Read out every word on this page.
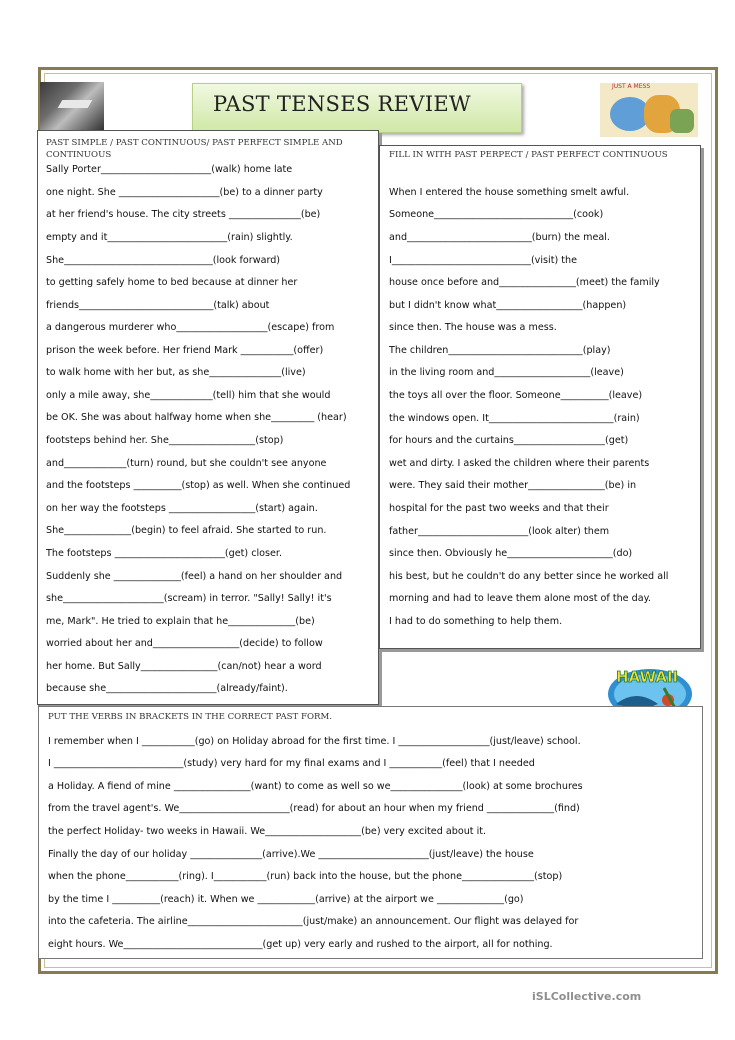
PAST TENSES REVIEW
JUST A MESS
PAST SIMPLE / PAST CONTINUOUS/ PAST PERFECT SIMPLE AND CONTINUOUS
Sally Porter_______________________(walk) home late
one night. She _____________________(be) to a dinner party
at her friend's house. The city streets _______________(be)
empty and it_________________________(rain) slightly.
She_______________________________(look forward)
to getting safely home to bed because at dinner her
friends____________________________(talk) about
a dangerous murderer who___________________(escape) from
prison the week before. Her friend Mark ___________(offer)
to walk home with her but, as she_______________(live)
only a mile away, she_____________(tell) him that she would
be OK. She was about halfway home when she_________ (hear)
footsteps behind her. She__________________(stop)
and_____________(turn) round, but she couldn't see anyone
and the footsteps __________(stop) as well. When she continued
on her way the footsteps __________________(start) again.
She______________(begin) to feel afraid. She started to run.
The footsteps _______________________(get) closer.
Suddenly she ______________(feel) a hand on her shoulder and
she_____________________(scream) in terror. "Sally! Sally! it's
me, Mark". He tried to explain that he______________(be)
worried about her and__________________(decide) to follow
her home. But Sally________________(can/not) hear a word
because she_______________________(already/faint).
FILL IN WITH PAST PERPECT / PAST PERFECT CONTINUOUS
When I entered the house something smelt awful.
Someone_____________________________(cook)
and__________________________(burn) the meal.
I_____________________________(visit) the
house once before and________________(meet) the family
but I didn't know what__________________(happen)
since then. The house was a mess.
The children____________________________(play)
in the living room and____________________(leave)
the toys all over the floor. Someone__________(leave)
the windows open. It__________________________(rain)
for hours and the curtains___________________(get)
wet and dirty. I asked the children where their parents
were. They said their mother________________(be) in
hospital for the past two weeks and that their
father_______________________(look alter) them
since then. Obviously he______________________(do)
his best, but he couldn't do any better since he worked all
morning and had to leave them alone most of the day.
I had to do something to help them.
HAWAII
PUT THE VERBS IN BRACKETS IN THE CORRECT PAST FORM.
I remember when I ___________(go) on Holiday abroad for the first time. I ___________________(just/leave) school.
I ___________________________(study) very hard for my final exams and I ___________(feel) that I needed
a Holiday. A fiend of mine ________________(want) to come as well so we_______________(look) at some brochures
from the travel agent's. We_______________________(read) for about an hour when my friend ______________(find)
the perfect Holiday- two weeks in Hawaii. We____________________(be) very excited about it.
Finally the day of our holiday _______________(arrive).We _______________________(just/leave) the house
when the phone___________(ring). I___________(run) back into the house, but the phone_______________(stop)
by the time I __________(reach) it. When we ____________(arrive) at the airport we ______________(go)
into the cafeteria. The airline________________________(just/make) an announcement. Our flight was delayed for
eight hours. We_____________________________(get up) very early and rushed to the airport, all for nothing.
iSLCollective.com
